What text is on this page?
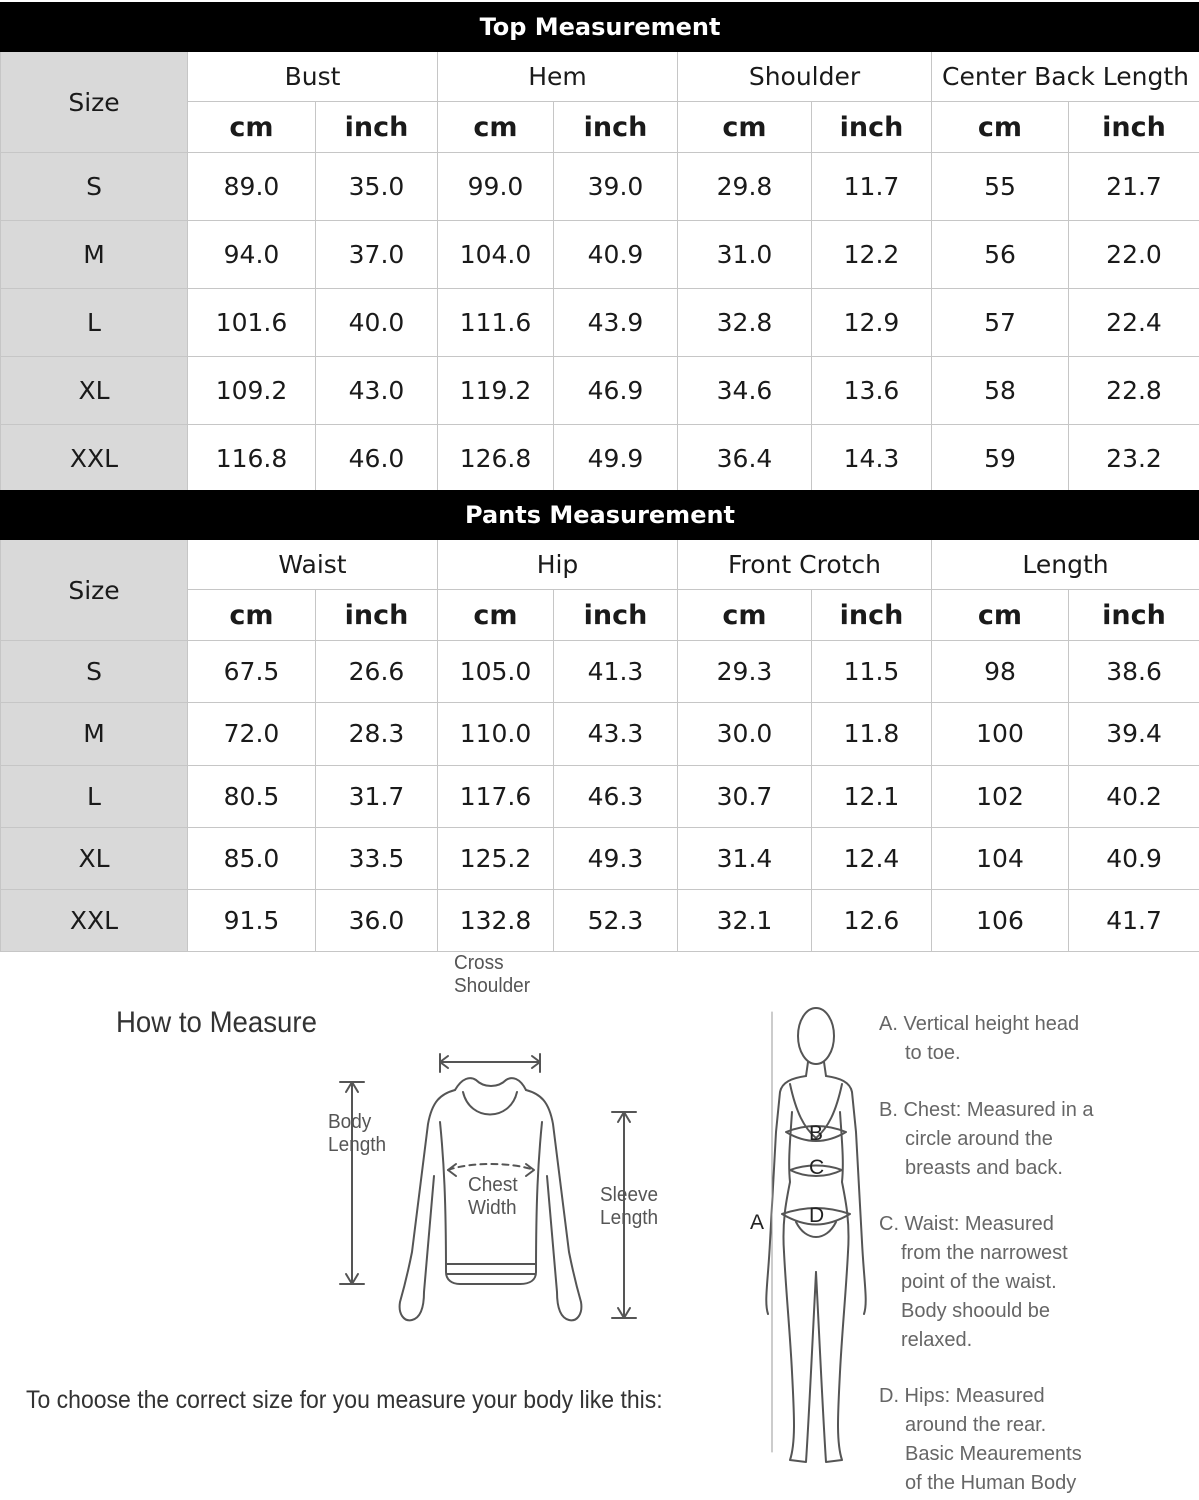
Top Measurement								
Size	Bust		Hem		Shoulder		Center Back Length	
	cm	inch	cm	inch	cm	inch	cm	inch
S	89.0	35.0	99.0	39.0	29.8	11.7	55	21.7
M	94.0	37.0	104.0	40.9	31.0	12.2	56	22.0
L	101.6	40.0	111.6	43.9	32.8	12.9	57	22.4
XL	109.2	43.0	119.2	46.9	34.6	13.6	58	22.8
XXL	116.8	46.0	126.8	49.9	36.4	14.3	59	23.2
Pants Measurement								
Size	Waist		Hip		Front Crotch		Length	
	cm	inch	cm	inch	cm	inch	cm	inch
S	67.5	26.6	105.0	41.3	29.3	11.5	98	38.6
M	72.0	28.3	110.0	43.3	30.0	11.8	100	39.4
L	80.5	31.7	117.6	46.3	30.7	12.1	102	40.2
XL	85.0	33.5	125.2	49.3	31.4	12.4	104	40.9
XXL	91.5	36.0	132.8	52.3	32.1	12.6	106	41.7
Cross
Shoulder
Body
Length
Chest
Width
Sleeve
Length	A
B
C
D
A. Vertical height head
to toe.
B. Chest: Measured in a
circle around the
breasts and back.
C. Waist: Measured
from the narrowest
point of the waist.
Body shoould be
relaxed.
D. Hips: Measured
around the rear.
Basic Meaurements
of the Human Body
How to Measure
To choose the correct size for you measure your body like this:
